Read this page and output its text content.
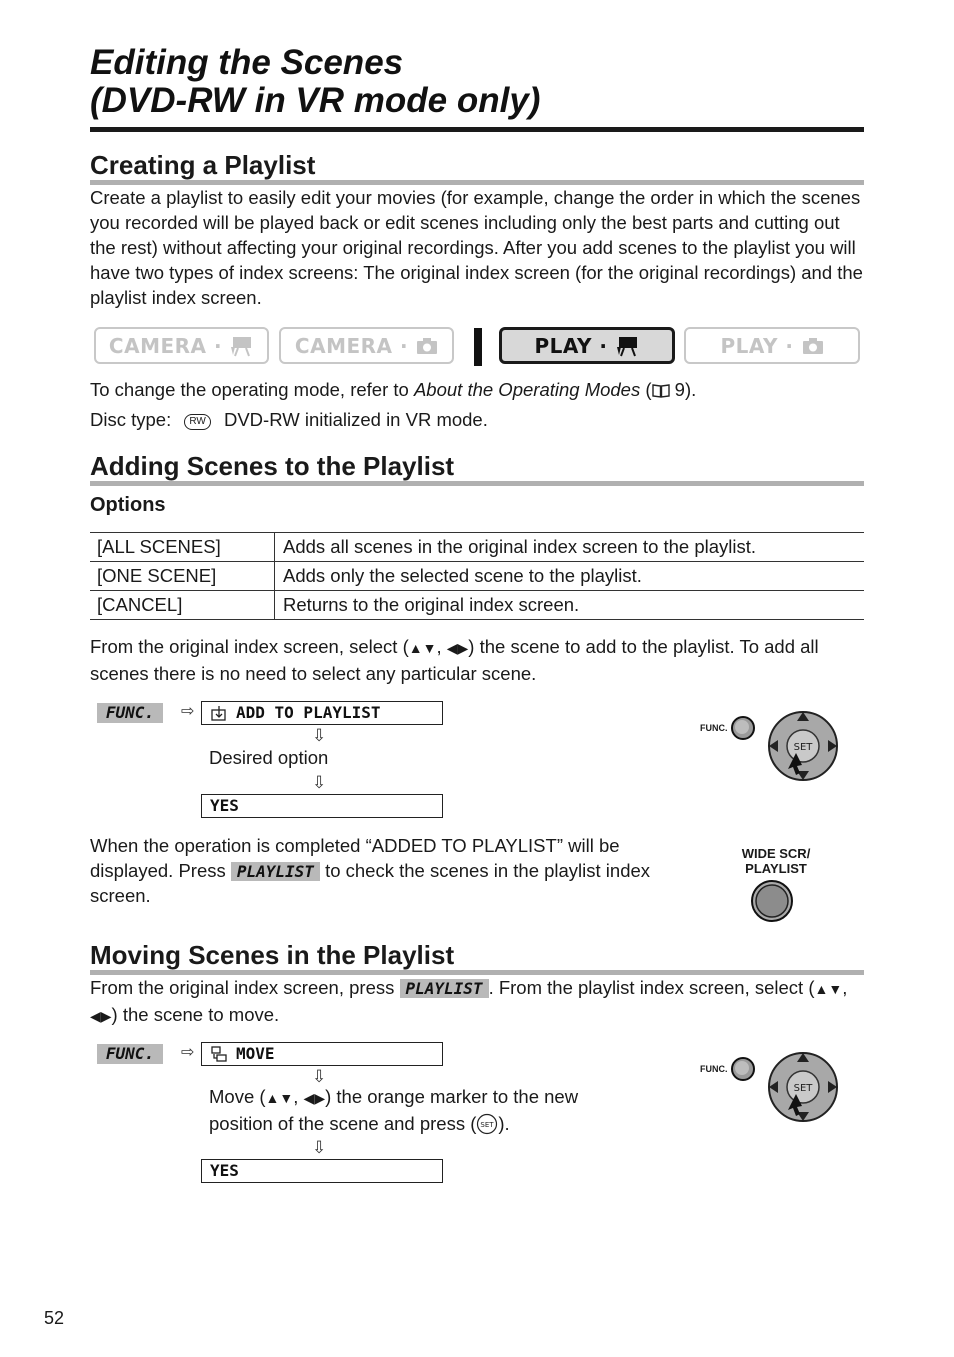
Editing the Scenes
(DVD-RW in VR mode only)
Creating a Playlist
Create a playlist to easily edit your movies (for example, change the order in which the scenes you recorded will be played back or edit scenes including only the best parts and cutting out the rest) without affecting your original recordings. After you add scenes to the playlist you will have two types of index screens: The original index screen (for the original recordings) and the playlist index screen.
CAMERA ·	CAMERA ·	PLAY ·	PLAY ·
To change the operating mode, refer to About the Operating Modes ( 9).
Disc type: RW DVD-RW initialized in VR mode.
Adding Scenes to the Playlist
Options
[ALL SCENES]	Adds all scenes in the original index screen to the playlist.
[ONE SCENE]	Adds only the selected scene to the playlist.
[CANCEL]	Returns to the original index screen.
From the original index screen, select (▲▼, ◀▶) the scene to add to the playlist. To add all scenes there is no need to select any particular scene.
FUNC.	⇨	ADD TO PLAYLIST
⇩
Desired option
⇩
YES
FUNC.
SET
When the operation is completed “ADDED TO PLAYLIST” will be displayed. Press PLAYLIST to check the scenes in the playlist index screen.
WIDE SCR/
PLAYLIST
Moving Scenes in the Playlist
From the original index screen, press PLAYLIST . From the playlist index screen, select (▲▼, ◀▶) the scene to move.
FUNC.	⇨	MOVE
⇩
Move (▲▼, ◀▶) the orange marker to the new
position of the scene and press ( SET ).
⇩
YES
FUNC.
SET
52
